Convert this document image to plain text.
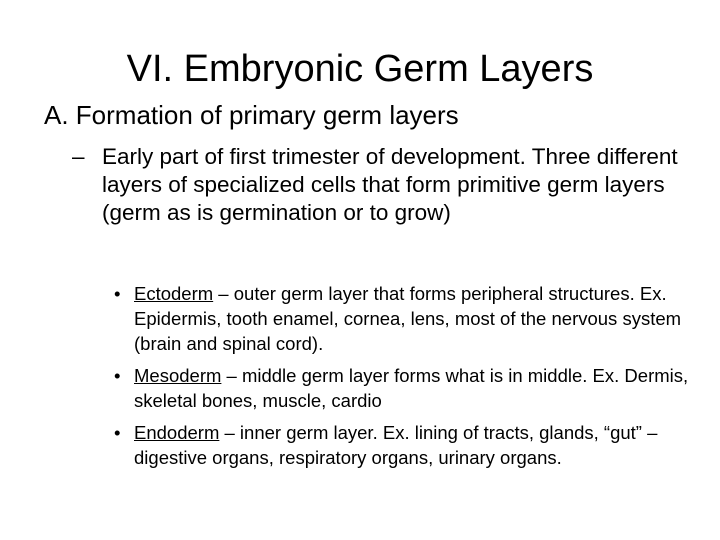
VI. Embryonic Germ Layers
A. Formation of primary germ layers
– Early part of first trimester of development. Three different layers of specialized cells that form primitive germ layers (germ as is germination or to grow)
• Ectoderm – outer germ layer that forms peripheral structures. Ex. Epidermis, tooth enamel, cornea, lens, most of the nervous system (brain and spinal cord).
• Mesoderm – middle germ layer forms what is in middle. Ex. Dermis, skeletal bones, muscle, cardio
• Endoderm – inner germ layer. Ex. lining of tracts, glands, “gut” – digestive organs, respiratory organs, urinary organs.
